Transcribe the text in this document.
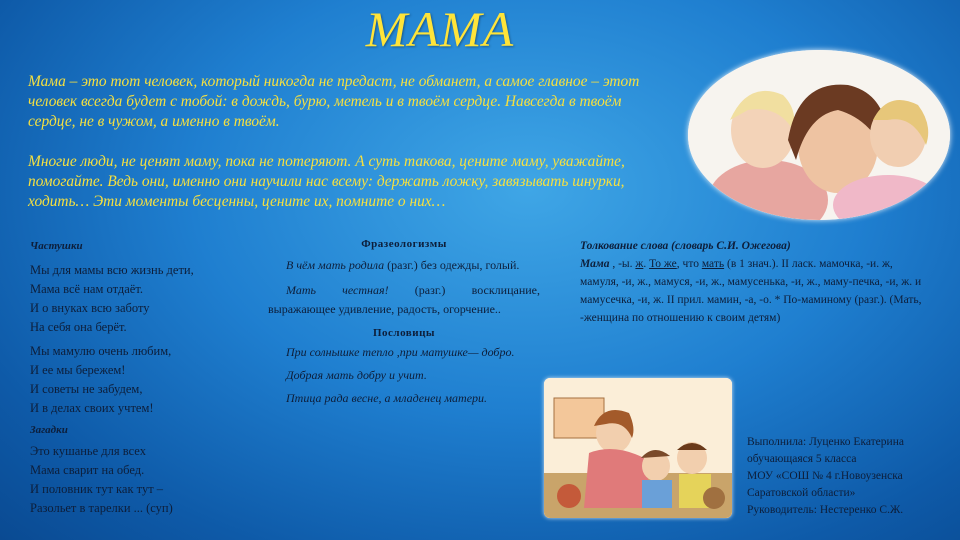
МАМА
Мама – это тот человек, который никогда не предаст, не обманет, а самое главное – этот человек всегда будет с тобой: в дождь, бурю, метель и в твоём сердце. Навсегда в твоём сердце, не в чужом, а именно в твоём.
Многие люди, не ценят маму, пока не потеряют. А суть такова, цените маму, уважайте, помогайте. Ведь они, именно они научили нас всему: держать ложку, завязывать шнурки, ходить… Эти моменты бесценны, цените их, помните о них…
Частушки
Мы для мамы всю жизнь дети,
Мама всё нам отдаёт.
И о внуках всю заботу
На себя она берёт.
Мы мамулю очень любим,
И ее мы бережем!
И советы не забудем,
И в делах своих учтем!
Загадки
Это кушанье для всех
Мама сварит на обед.
И половник тут как тут –
Разольет в тарелки ... (суп)
Фразеологизмы

В чём мать родила (разг.) без одежды, голый.

Мать честная! (разг.) восклицание, выражающее удивление, радость, огорчение..

Пословицы

При солнышке тепло ,при матушке— добро.

Добрая мать добру и учит.

Птица рада весне, а младенец матери.

Толкование слова (словарь С.И. Ожегова)
Мама , -ы. ж. То же, что мать (в 1 знач.). II ласк. мамочка, -и. ж, мамуля, -и, ж., мамуся, -и, ж., мамусенька, -и, ж., маму-печка, -и, ж. и мамусечка, -и, ж. II прил. мамин, -а, -о. * По-маминому (разг.). (Мать, -женщина по отношению к своим детям)
Выполнила: Луценко Екатерина обучающаяся 5 класса
МОУ «СОШ № 4 г.Новоузенска Саратовской области»
Руководитель: Нестеренко С.Ж.
